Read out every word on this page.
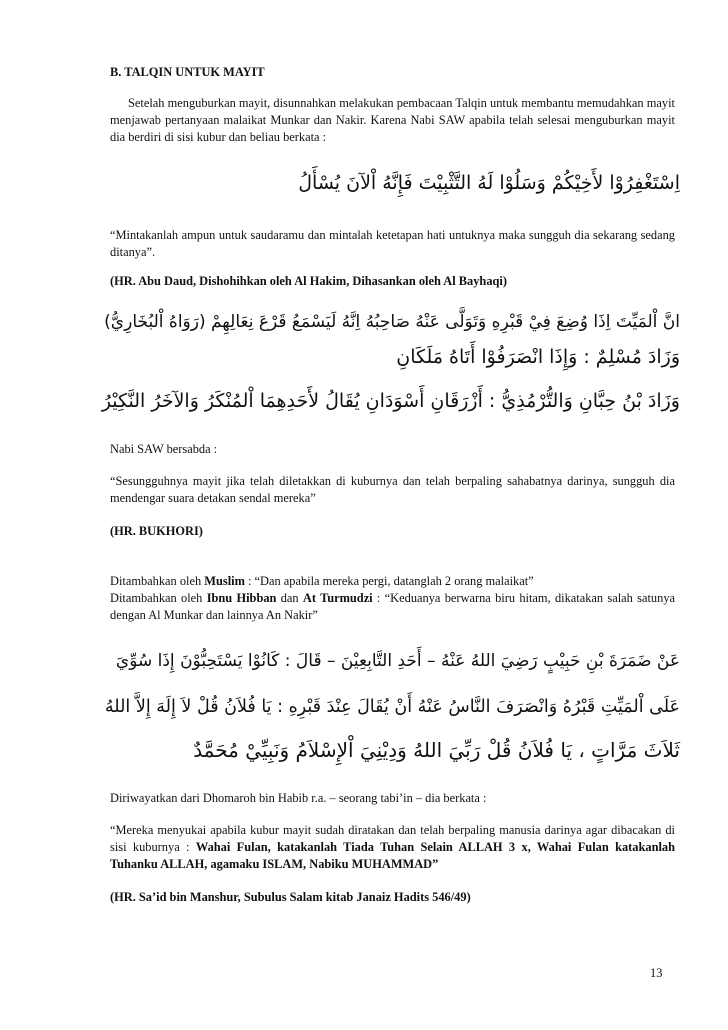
B. TALQIN UNTUK MAYIT

Setelah menguburkan mayit, disunnahkan melakukan pembacaan Talqin untuk membantu memudahkan mayit menjawab pertanyaan malaikat Munkar dan Nakir. Karena Nabi SAW apabila telah selesai menguburkan mayit dia berdiri di sisi kubur dan beliau berkata :

اِسْتَغْفِرُوْا لأَخِيْكُمْ وَسَلُوْا لَهُ التَّثْبِيْتَ فَإِنَّهُ اْلآنَ يُسْأَلُ

“Mintakanlah ampun untuk saudaramu dan mintalah ketetapan hati untuknya maka sungguh dia sekarang sedang ditanya”.

(HR. Abu Daud, Dishohihkan oleh Al Hakim, Dihasankan oleh Al Bayhaqi)

انَّ اْلمَيِّتَ اِذَا وُضِعَ فِيْ قَبْرِهِ وَتَوَلَّى عَنْهُ صَاحِبُهُ اِنَّهُ لَيَسْمَعُ قَرْعَ نِعَالِهِمْ (رَوَاهُ اْلبُخَارِيُّ)

وَزَادَ مُسْلِمٌ : وَإِذَا انْصَرَفُوْا أَتَاهُ مَلَكَانِ

وَزَادَ بْنُ حِبَّانِ وَالتُّرْمُذِيُّ : أَزْرَقَانِ أَسْوَدَانِ يُقَالُ لأَحَدِهِمَا اْلمُنْكَرُ وَالآخَرُ النَّكِيْرُ

Nabi SAW bersabda :

“Sesungguhnya mayit jika telah diletakkan di kuburnya dan telah berpaling sahabatnya darinya, sungguh dia mendengar suara detakan sendal mereka”

(HR. BUKHORI)

Ditambahkan oleh Muslim : “Dan apabila mereka pergi, datanglah 2 orang malaikat”

Ditambahkan oleh Ibnu Hibban dan At Turmudzi : “Keduanya berwarna biru hitam, dikatakan salah satunya dengan Al Munkar dan lainnya An Nakir”

عَنْ ضَمَرَةَ بْنِ حَبِيْبٍ رَضِيَ اللهُ عَنْهُ – أَحَدِ التَّابِعِيْنَ – قَالَ : كَانُوْا يَسْتَحِبُّوْنَ إِذَا سُوِّيَ

عَلَى اْلمَيِّتِ قَبْرُهُ وَانْصَرَفَ النَّاسُ عَنْهُ أَنْ يُقَالَ عِنْدَ قَبْرِهِ : يَا فُلاَنُ قُلْ لاَ إِلَهَ إِلاَّ اللهُ

ثَلاَثَ مَرَّاتٍ ، يَا فُلاَنُ قُلْ رَبِّيَ اللهُ وَدِيْنِيَ اْلإِسْلاَمُ وَنَبِيِّيْ مُحَمَّدٌ

Diriwayatkan dari Dhomaroh bin Habib r.a. – seorang tabi’in – dia berkata :

“Mereka menyukai apabila kubur mayit sudah diratakan dan telah berpaling manusia darinya agar dibacakan di sisi kuburnya : Wahai Fulan, katakanlah Tiada Tuhan Selain ALLAH 3 x, Wahai Fulan katakanlah Tuhanku ALLAH, agamaku ISLAM, Nabiku MUHAMMAD”

(HR. Sa’id bin Manshur, Subulus Salam kitab Janaiz Hadits 546/49)

13
